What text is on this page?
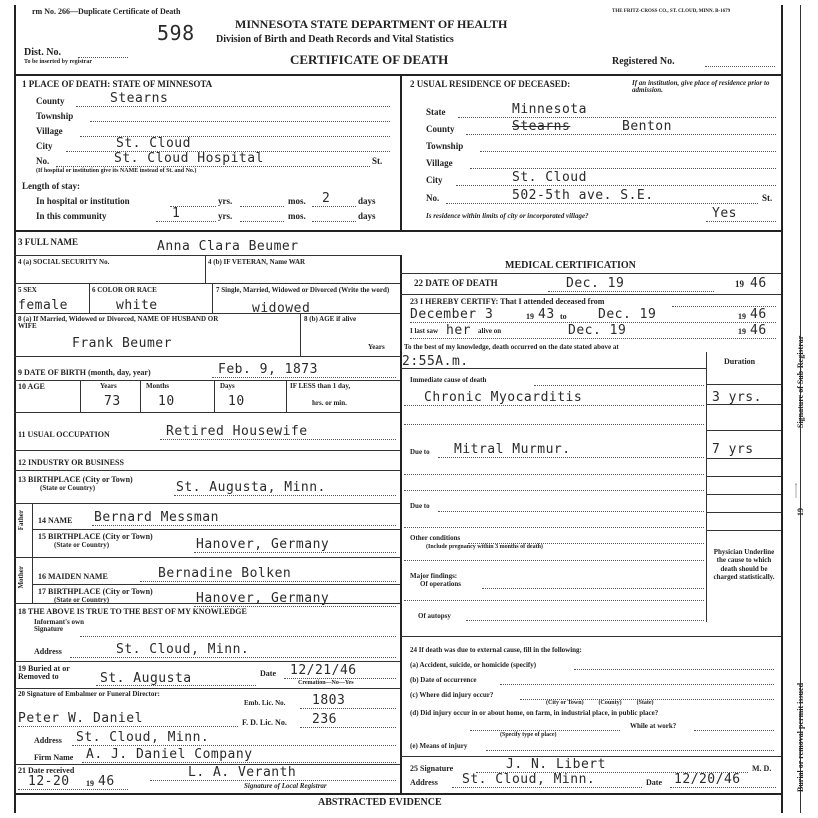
rm No. 266—Duplicate Certificate of Death	THE FRITZ-CROSS CO., ST. CLOUD, MINN. B-1679
598	MINNESOTA STATE DEPARTMENT OF HEALTH
Division of Birth and Death Records and Vital Statistics
CERTIFICATE OF DEATH
Dist. No.
To be inserted by registrar	Registered No.
1 PLACE OF DEATH: STATE OF MINNESOTA
County	Stearns
Township
Village
City	St. Cloud
No.	St. Cloud Hospital	St.
(If hospital or institution give its NAME instead of St. and No.)
Length of stay:
In hospital or institution	yrs.	mos. 2	days
In this community	1	yrs.	mos.	days
2 USUAL RESIDENCE OF DECEASED:	If an institution, give place of residence prior to admission.
State	Minnesota
County	Stearns	Benton
Township
Village
City	St. Cloud
No.	502-5th ave. S.E.	St.
Is residence within limits of city or incorporated village?	Yes
3 FULL NAME	Anna Clara Beumer
4 (a) SOCIAL SECURITY No.	4 (b) IF VETERAN, Name WAR
5 SEX
female
6 COLOR OR RACE
white
7 Single, Married, Widowed or Divorced (Write the word)
widowed
8 (a) If Married, Widowed or Divorced, NAME OF HUSBAND OR WIFE
8 (b) AGE if alive
Frank Beumer	Years
9 DATE OF BIRTH (month, day, year)	Feb. 9, 1873
10 AGE	Years
73
Months
10
Days
10
IF LESS than 1 day,
hrs. or min.
11 USUAL OCCUPATION	Retired Housewife
12 INDUSTRY OR BUSINESS
13 BIRTHPLACE (City or Town)
(State or Country)	St. Augusta, Minn.
Father 14 NAME Bernard Messman
15 BIRTHPLACE (City or Town)
(State or Country)	Hanover, Germany
Mother 16 MAIDEN NAME	Bernadine Bolken
17 BIRTHPLACE (City or Town)
(State or Country)	Hanover, Germany
18 THE ABOVE IS TRUE TO THE BEST OF MY KNOWLEDGE
Informant's own Signature
Address	St. Cloud, Minn.
19 Buried at or Removed to	St. Augusta	Date 12/21/46
Cremation—No—Yes
20 Signature of Embalmer or Funeral Director:
Emb. Lic. No. 1803
Peter W. Daniel	F. D. Lic. No. 236
Address St. Cloud, Minn.
Firm Name A. J. Daniel Company
21 Date received
12-20 19 46
L. A. Veranth
Signature of Local Registrar
MEDICAL CERTIFICATION
22 DATE OF DEATH	Dec. 19	19 46
23 I HEREBY CERTIFY: That I attended deceased from
December 3	19 43 to Dec. 19	19 46
I last saw her alive on	Dec. 19	19 46
To the best of my knowledge, death occurred on the date stated above at
2:55A.m.	Duration
Immediate cause of death
Chronic Myocarditis	3 yrs.
Due to Mitral Murmur.	7 yrs
Due to
Other conditions
(Include pregnancy within 3 months of death)
Major findings:
Of operations
Of autopsy
Physician Underline the cause to which death should be charged statistically.
24 If death was due to external cause, fill in the following:
(a) Accident, suicide, or homicide (specify)
(b) Date of occurrence
(c) Where did injury occur?
(City or Town)          (County)          (State)
(d) Did injury occur in or about home, on farm, in industrial place, in public place?
While at work?
(Specify type of place)
(e) Means of injury
25 Signature	J. N. Libert	M. D.
Address St. Cloud, Minn.	Date 12/20/46
ABSTRACTED EVIDENCE
Signature of Sub-Registrar
19
Burial or removal permit issued
